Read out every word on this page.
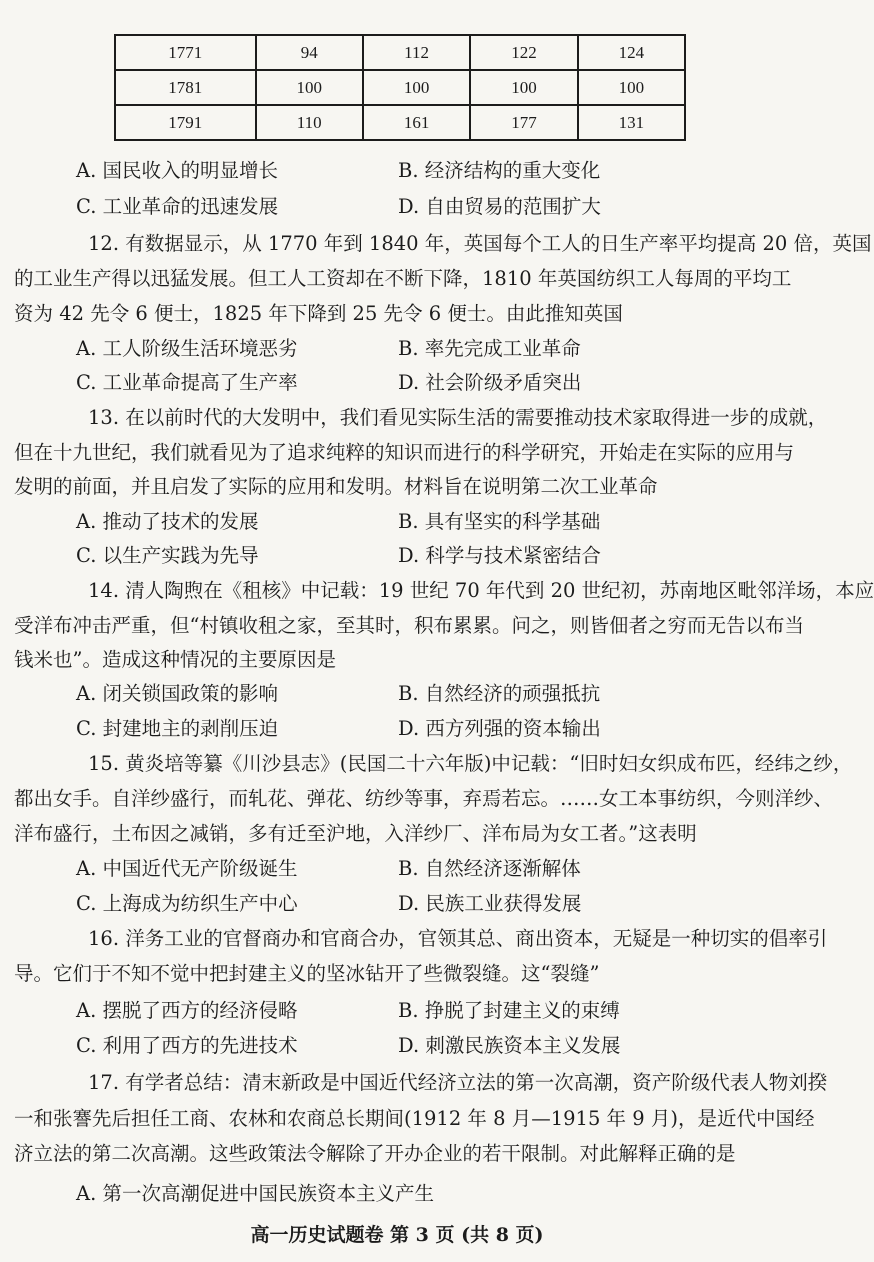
1771	94	112	122	124
1781	100	100	100	100
1791	110	161	177	131
A. 国民收入的明显增长	B. 经济结构的重大变化
C. 工业革命的迅速发展	D. 自由贸易的范围扩大
12. 有数据显示，从 1770 年到 1840 年，英国每个工人的日生产率平均提高 20 倍，英国
的工业生产得以迅猛发展。但工人工资却在不断下降，1810 年英国纺织工人每周的平均工
资为 42 先令 6 便士，1825 年下降到 25 先令 6 便士。由此推知英国
A. 工人阶级生活环境恶劣	B. 率先完成工业革命
C. 工业革命提高了生产率	D. 社会阶级矛盾突出
13. 在以前时代的大发明中，我们看见实际生活的需要推动技术家取得进一步的成就，
但在十九世纪，我们就看见为了追求纯粹的知识而进行的科学研究，开始走在实际的应用与
发明的前面，并且启发了实际的应用和发明。材料旨在说明第二次工业革命
A. 推动了技术的发展	B. 具有坚实的科学基础
C. 以生产实践为先导	D. 科学与技术紧密结合
14. 清人陶煦在《租核》中记载：19 世纪 70 年代到 20 世纪初，苏南地区毗邻洋场，本应
受洋布冲击严重，但“村镇收租之家，至其时，积布累累。问之，则皆佃者之穷而无告以布当
钱米也”。造成这种情况的主要原因是
A. 闭关锁国政策的影响	B. 自然经济的顽强抵抗
C. 封建地主的剥削压迫	D. 西方列强的资本输出
15. 黄炎培等纂《川沙县志》(民国二十六年版)中记载：“旧时妇女织成布匹，经纬之纱，
都出女手。自洋纱盛行，而轧花、弹花、纺纱等事，弃焉若忘。……女工本事纺织，今则洋纱、
洋布盛行，土布因之减销，多有迁至沪地，入洋纱厂、洋布局为女工者。”这表明
A. 中国近代无产阶级诞生	B. 自然经济逐渐解体
C. 上海成为纺织生产中心	D. 民族工业获得发展
16. 洋务工业的官督商办和官商合办，官领其总、商出资本，无疑是一种切实的倡率引
导。它们于不知不觉中把封建主义的坚冰钻开了些微裂缝。这“裂缝”
A. 摆脱了西方的经济侵略	B. 挣脱了封建主义的束缚
C. 利用了西方的先进技术	D. 刺激民族资本主义发展
17. 有学者总结：清末新政是中国近代经济立法的第一次高潮，资产阶级代表人物刘揆
一和张謇先后担任工商、农林和农商总长期间(1912 年 8 月—1915 年 9 月)，是近代中国经
济立法的第二次高潮。这些政策法令解除了开办企业的若干限制。对此解释正确的是
A. 第一次高潮促进中国民族资本主义产生
高一历史试题卷 第 3 页 (共 8 页)
